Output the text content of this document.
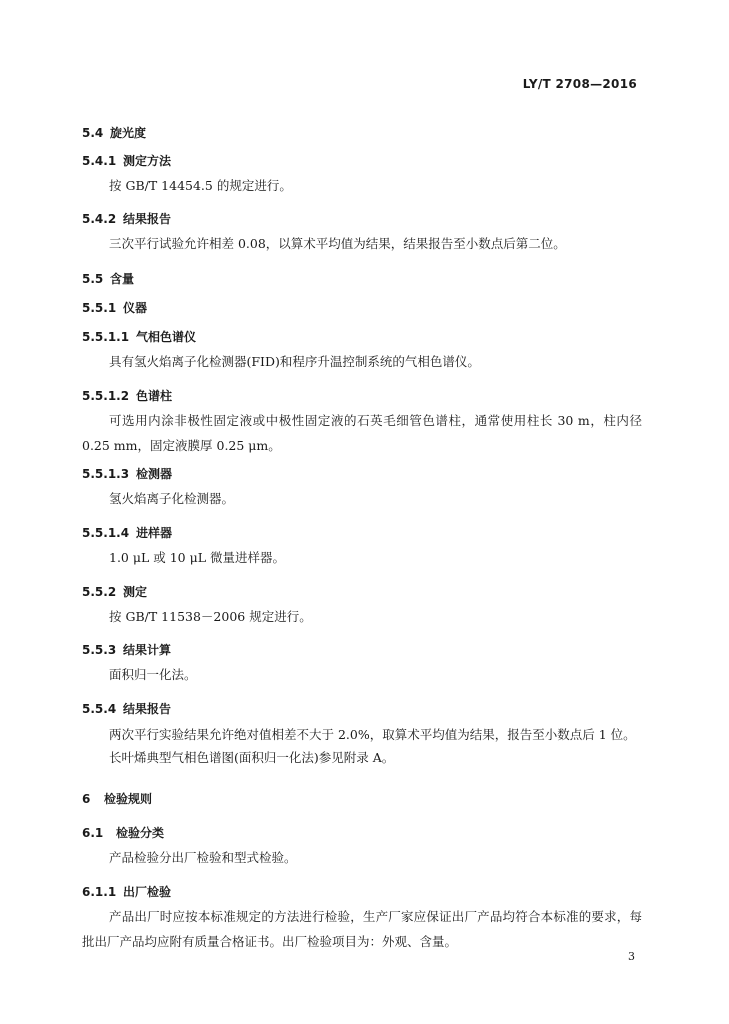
LY/T 2708—2016
5.4 旋光度
5.4.1 测定方法
按 GB/T 14454.5 的规定进行。
5.4.2 结果报告
三次平行试验允许相差 0.08，以算术平均值为结果，结果报告至小数点后第二位。
5.5 含量
5.5.1 仪器
5.5.1.1 气相色谱仪
具有氢火焰离子化检测器(FID)和程序升温控制系统的气相色谱仪。
5.5.1.2 色谱柱
可选用内涂非极性固定液或中极性固定液的石英毛细管色谱柱，通常使用柱长 30 m，柱内径 0.25 mm，固定液膜厚 0.25 μm。
5.5.1.3 检测器
氢火焰离子化检测器。
5.5.1.4 进样器
1.0 μL 或 10 μL 微量进样器。
5.5.2 测定
按 GB/T 11538－2006 规定进行。
5.5.3 结果计算
面积归一化法。
5.5.4 结果报告
两次平行实验结果允许绝对值相差不大于 2.0%，取算术平均值为结果，报告至小数点后 1 位。
长叶烯典型气相色谱图(面积归一化法)参见附录 A。
6 检验规则
6.1 检验分类
产品检验分出厂检验和型式检验。
6.1.1 出厂检验
产品出厂时应按本标准规定的方法进行检验，生产厂家应保证出厂产品均符合本标准的要求，每批出厂产品均应附有质量合格证书。出厂检验项目为：外观、含量。
3
